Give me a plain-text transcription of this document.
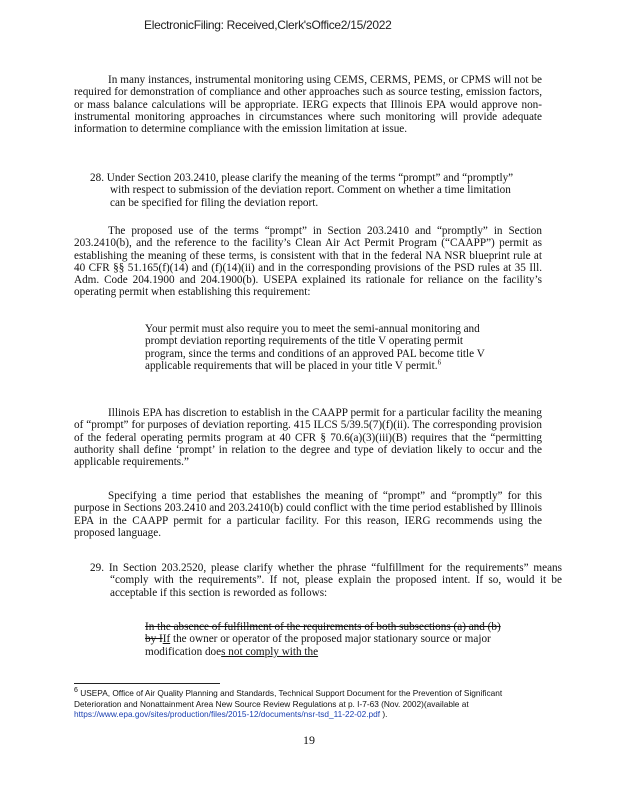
ElectronicFiling: Received,Clerk'sOffice2/15/2022

In many instances, instrumental monitoring using CEMS, CERMS, PEMS, or CPMS will not be required for demonstration of compliance and other approaches such as source testing, emission factors, or mass balance calculations will be appropriate. IERG expects that Illinois EPA would approve non-instrumental monitoring approaches in circumstances where such monitoring will provide adequate information to determine compliance with the emission limitation at issue.

28. Under Section 203.2410, please clarify the meaning of the terms “prompt” and “promptly” with respect to submission of the deviation report. Comment on whether a time limitation can be specified for filing the deviation report.

The proposed use of the terms “prompt” in Section 203.2410 and “promptly” in Section 203.2410(b), and the reference to the facility’s Clean Air Act Permit Program (“CAAPP”) permit as establishing the meaning of these terms, is consistent with that in the federal NA NSR blueprint rule at 40 CFR §§ 51.165(f)(14) and (f)(14)(ii) and in the corresponding provisions of the PSD rules at 35 Ill. Adm. Code 204.1900 and 204.1900(b). USEPA explained its rationale for reliance on the facility’s operating permit when establishing this requirement:

Your permit must also require you to meet the semi-annual monitoring and prompt deviation reporting requirements of the title V operating permit program, since the terms and conditions of an approved PAL become title V applicable requirements that will be placed in your title V permit.$^6$

Illinois EPA has discretion to establish in the CAAPP permit for a particular facility the meaning of “prompt” for purposes of deviation reporting. 415 ILCS 5/39.5(7)(f)(ii). The corresponding provision of the federal operating permits program at 40 CFR § 70.6(a)(3)(iii)(B) requires that the “permitting authority shall define ‘prompt’ in relation to the degree and type of deviation likely to occur and the applicable requirements.”

Specifying a time period that establishes the meaning of “prompt” and “promptly” for this purpose in Sections 203.2410 and 203.2410(b) could conflict with the time period established by Illinois EPA in the CAAPP permit for a particular facility. For this reason, IERG recommends using the proposed language.

29. In Section 203.2520, please clarify whether the phrase “fulfillment for the requirements” means “comply with the requirements”. If not, please explain the proposed intent. If so, would it be acceptable if this section is reworded as follows:
In the absence of fulfillment of the requirements of both subsections (a) and (b) by IIf the owner or operator of the proposed major stationary source or major modification does not comply with the
$^6$ USEPA, Office of Air Quality Planning and Standards, Technical Support Document for the Prevention of Significant Deterioration and Nonattainment Area New Source Review Regulations at p. I-7-63 (Nov. 2002)(available at https://www.epa.gov/sites/production/files/2015-12/documents/nsr-tsd_11-22-02.pdf ).
19
